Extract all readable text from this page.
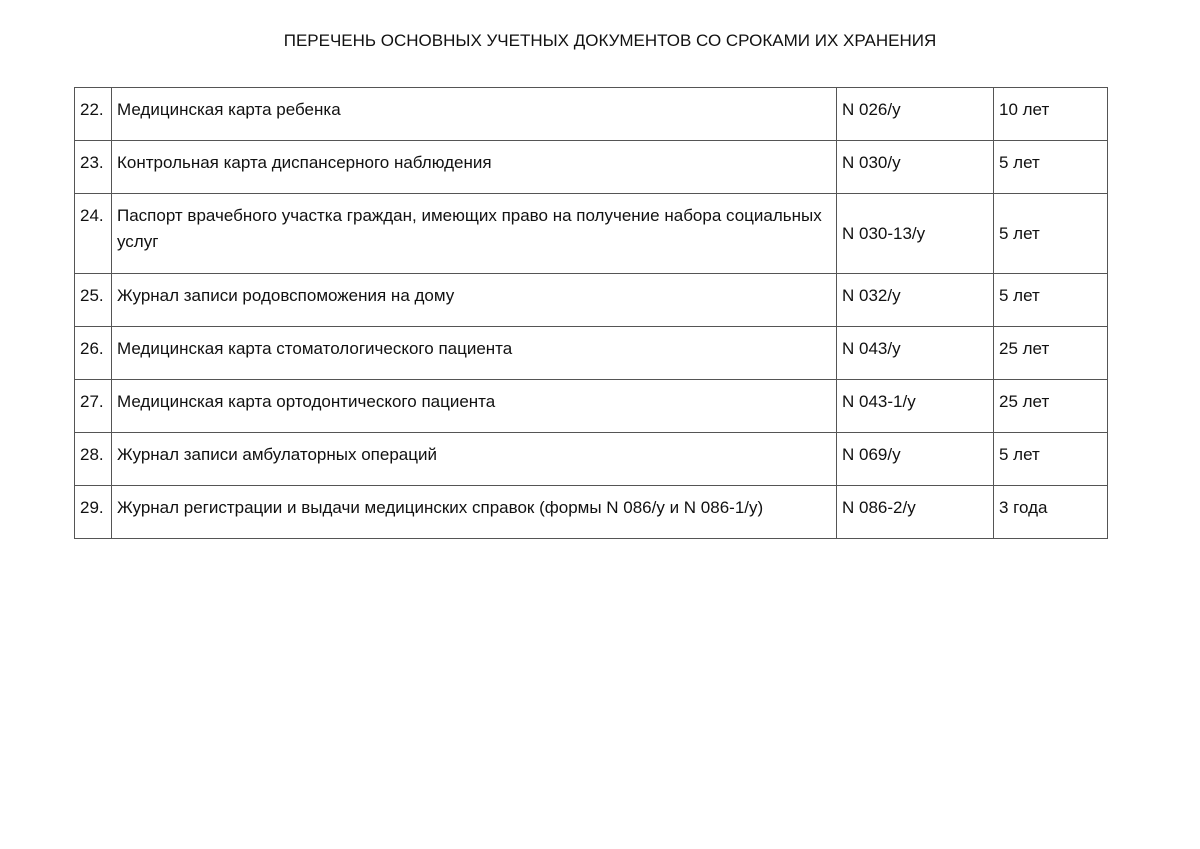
ПЕРЕЧЕНЬ ОСНОВНЫХ УЧЕТНЫХ ДОКУМЕНТОВ СО СРОКАМИ ИХ ХРАНЕНИЯ
22.	Медицинская карта ребенка	N 026/у	10 лет
23.	Контрольная карта диспансерного наблюдения	N 030/у	5 лет
24.	Паспорт врачебного участка граждан, имеющих право на получение набора социальных услуг	N 030-13/у	5 лет
25.	Журнал записи родовспоможения на дому	N 032/у	5 лет
26.	Медицинская карта стоматологического пациента	N 043/у	25 лет
27.	Медицинская карта ортодонтического пациента	N 043-1/у	25 лет
28.	Журнал записи амбулаторных операций	N 069/у	5 лет
29.	Журнал регистрации и выдачи медицинских справок (формы N 086/у и N 086-1/у)	N 086-2/у	3 года
